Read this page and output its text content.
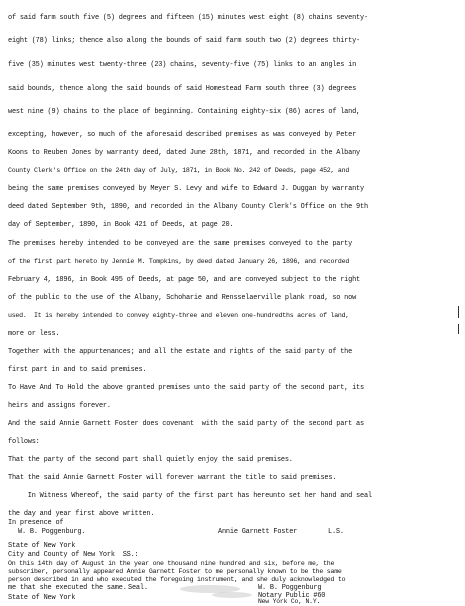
of said farm south five (5) degrees and fifteen (15) minutes west eight (8) chains seventy-
eight (78) links; thence also along the bounds of said farm south two (2) degrees thirty-
five (35) minutes west twenty-three (23) chains, seventy-five (75) links to an angles in
said bounds, thence along the said bounds of said Homestead Farm south three (3) degrees
west nine (9) chains to the place of beginning. Containing eighty-six (86) acres of land,
excepting, however, so much of the aforesaid described premises as was conveyed by Peter
Koons to Reuben Jones by warranty deed, dated June 28th, 1871, and recorded in the Albany
County Clerk's Office on the 24th day of July, 1871, in Book No. 242 of Deeds, page 452, and
being the same premises conveyed by Meyer S. Levy and wife to Edward J. Duggan by warranty
deed dated September 9th, 1890, and recorded in the Albany County Clerk's Office on the 9th
day of September, 1890, in Book 421 of Deeds, at page 20.
The premises hereby intended to be conveyed are the same premises conveyed to the party
of the first part hereto by Jennie M. Tompkins, by deed dated January 26, 1896, and recorded
February 4, 1896, in Book 495 of Deeds, at page 50, and are conveyed subject to the right
of the public to the use of the Albany, Schoharie and Rensselaerville plank road, so now
used.  It is hereby intended to convey eighty-three and eleven one-hundredths acres of land,
more or less.
Together with the appurtenances; and all the estate and rights of the said party of the
first part in and to said premises.
To Have And To Hold the above granted premises unto the said party of the second part, its
heirs and assigns forever.
And the said Annie Garnett Foster does covenant  with the said party of the second part as
follows:
That the party of the second part shall quietly enjoy the said premises.
That the said Annie Garnett Foster will forever warrant the title to said premises.
In Witness Whereof, the said party of the first part has hereunto set her hand and seal
the day and year first above written.
In presence of
W. B. Poggenburg.	Annie Garnett Foster	L.S.
State of New York
City and County of New York  SS.:
On this 14th day of August in the year one thousand nine hundred and six, before me, the
subscriber, personally appeared Annie Garnett Foster to me personally known to be the same
person described in and who executed the foregoing instrument, and she duly acknowledged to
me that she executed the same. Seal.	W. B. Poggenburg
Notary Public #60
State of New York	New York Co, N.Y.
